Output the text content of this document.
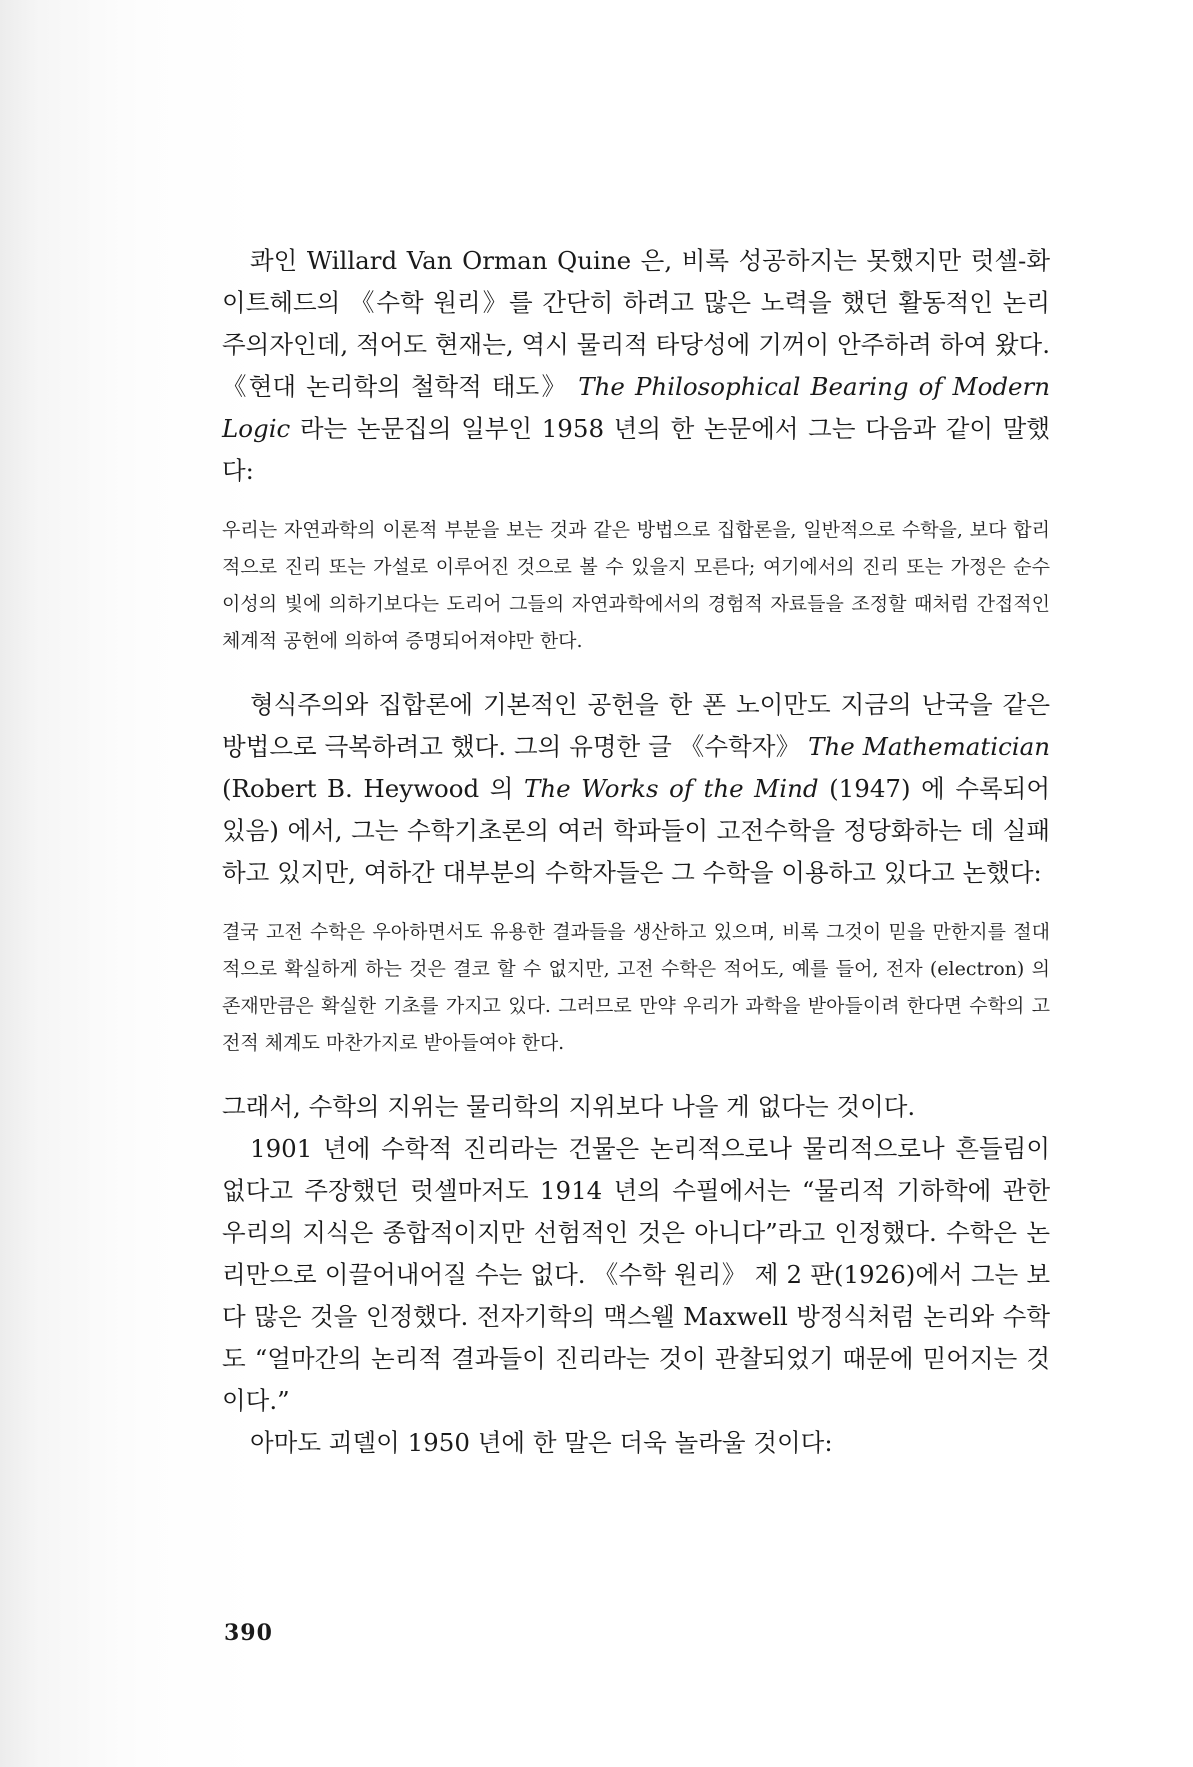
콰인 Willard Van Orman Quine 은, 비록 성공하지는 못했지만 럿셀-화이트헤드의 《수학 원리》를 간단히 하려고 많은 노력을 했던 활동적인 논리주의자인데, 적어도 현재는, 역시 물리적 타당성에 기꺼이 안주하려 하여 왔다. 《현대 논리학의 철학적 태도》 The Philosophical Bearing of Modern Logic 라는 논문집의 일부인 1958 년의 한 논문에서 그는 다음과 같이 말했다:

우리는 자연과학의 이론적 부분을 보는 것과 같은 방법으로 집합론을, 일반적으로 수학을, 보다 합리적으로 진리 또는 가설로 이루어진 것으로 볼 수 있을지 모른다; 여기에서의 진리 또는 가정은 순수 이성의 빛에 의하기보다는 도리어 그들의 자연과학에서의 경험적 자료들을 조정할 때처럼 간접적인 체계적 공헌에 의하여 증명되어져야만 한다.

형식주의와 집합론에 기본적인 공헌을 한 폰 노이만도 지금의 난국을 같은 방법으로 극복하려고 했다. 그의 유명한 글 《수학자》 The Mathematician (Robert B. Heywood 의 The Works of the Mind (1947) 에 수록되어 있음) 에서, 그는 수학기초론의 여러 학파들이 고전수학을 정당화하는 데 실패하고 있지만, 여하간 대부분의 수학자들은 그 수학을 이용하고 있다고 논했다:

결국 고전 수학은 우아하면서도 유용한 결과들을 생산하고 있으며, 비록 그것이 믿을 만한지를 절대적으로 확실하게 하는 것은 결코 할 수 없지만, 고전 수학은 적어도, 예를 들어, 전자 (electron) 의 존재만큼은 확실한 기초를 가지고 있다. 그러므로 만약 우리가 과학을 받아들이려 한다면 수학의 고전적 체계도 마찬가지로 받아들여야 한다.

그래서, 수학의 지위는 물리학의 지위보다 나을 게 없다는 것이다.

1901 년에 수학적 진리라는 건물은 논리적으로나 물리적으로나 흔들림이 없다고 주장했던 럿셀마저도 1914 년의 수필에서는 “물리적 기하학에 관한 우리의 지식은 종합적이지만 선험적인 것은 아니다”라고 인정했다. 수학은 논리만으로 이끌어내어질 수는 없다. 《수학 원리》 제 2 판(1926)에서 그는 보다 많은 것을 인정했다. 전자기학의 맥스웰 Maxwell 방정식처럼 논리와 수학도 “얼마간의 논리적 결과들이 진리라는 것이 관찰되었기 때문에 믿어지는 것이다.”

아마도 괴델이 1950 년에 한 말은 더욱 놀라울 것이다:

390
